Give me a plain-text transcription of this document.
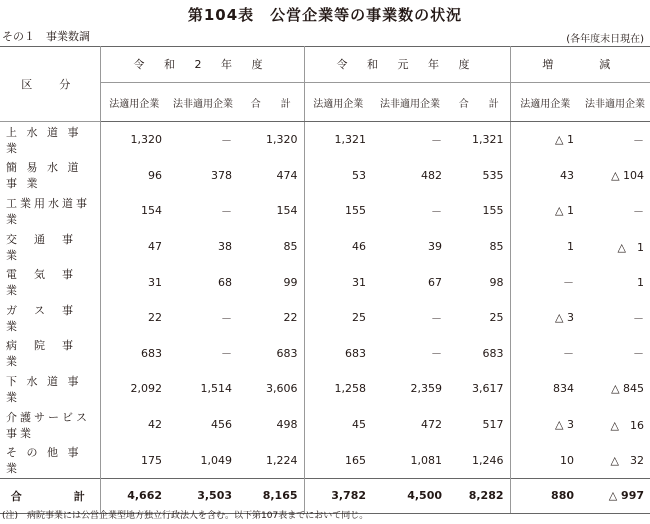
第104表　公営企業等の事業数の状況
その１　事業数調	(各年度末日現在)
区　分	令 和 2 年 度			令 和 元 年 度			増　　減	
	法適用企業	法非適用企業	合　　計	法適用企業	法非適用企業	合　　計	法適用企業	法非適用企業
上 水 道 事 業	1,320	－	1,320	1,321	－	1,321	△ 1	－
簡 易 水 道 事 業	96	378	474	53	482	535	43	△ 104
工業用水道事業	154	－	154	155	－	155	△ 1	－
交　通　事　業	47	38	85	46	39	85	1	△　1
電　気　事　業	31	68	99	31	67	98	－	1
ガ　ス　事　業	22	－	22	25	－	25	△ 3	－
病　院　事　業	683	－	683	683	－	683	－	－
下 水 道 事 業	2,092	1,514	3,606	1,258	2,359	3,617	834	△ 845
介護サービス事業	42	456	498	45	472	517	△ 3	△　16
そ の 他 事 業	175	1,049	1,224	165	1,081	1,246	10	△　32
合　　計	4,662	3,503	8,165	3,782	4,500	8,282	880	△ 997
(注)　病院事業には公営企業型地方独立行政法人を含む。以下第107表までにおいて同じ。
